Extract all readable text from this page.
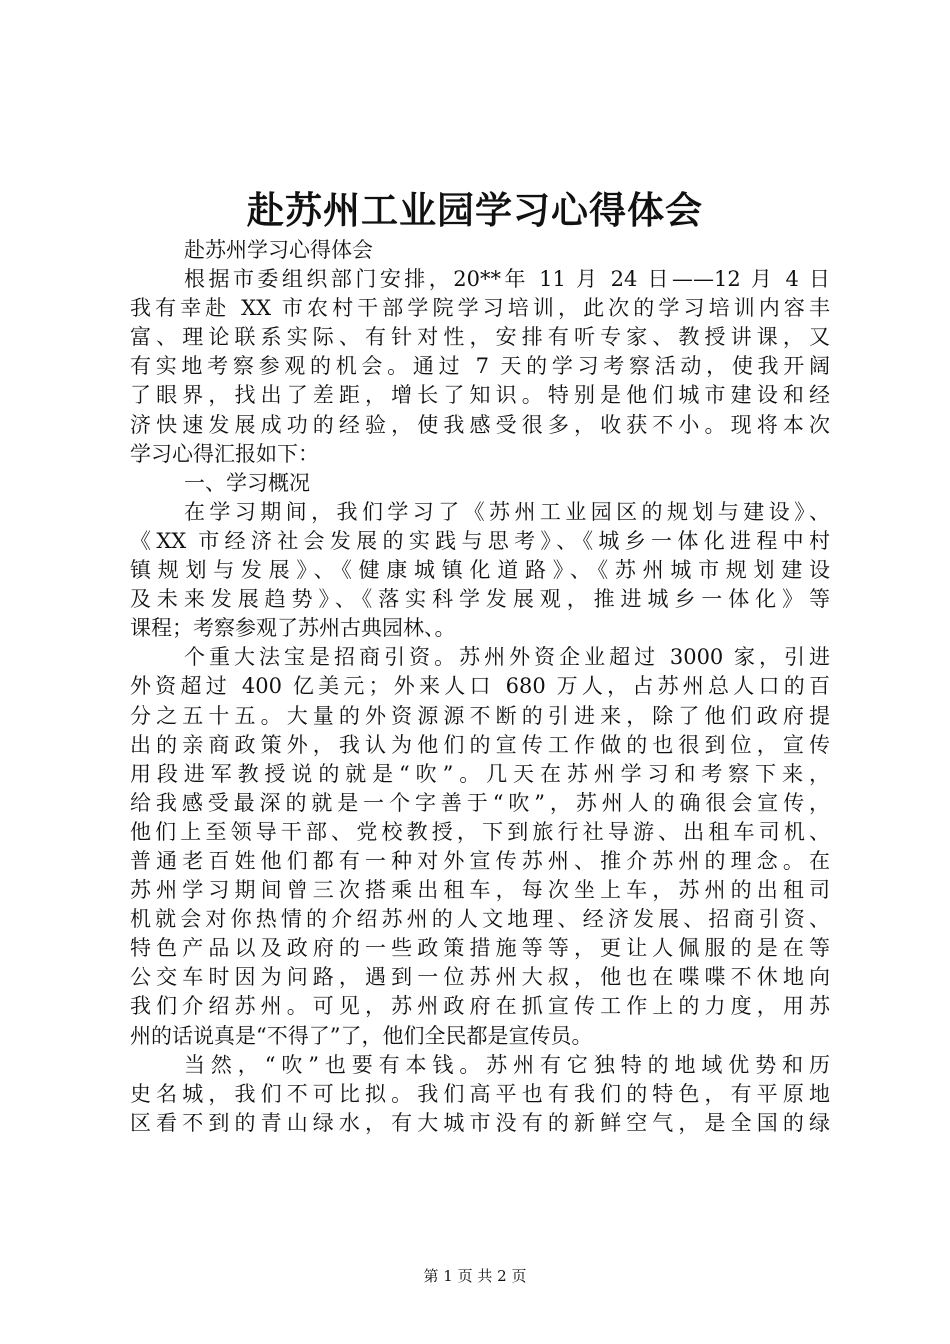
赴苏州工业园学习心得体会
赴苏州学习心得体会
根据市委组织部门安排，20**年 11 月 24 日——12 月 4 日
我有幸赴 XX 市农村干部学院学习培训，此次的学习培训内容丰
富、理论联系实际、有针对性，安排有听专家、教授讲课，又
有实地考察参观的机会。通过 7 天的学习考察活动，使我开阔
了眼界，找出了差距，增长了知识。特别是他们城市建设和经
济快速发展成功的经验，使我感受很多，收获不小。现将本次
学习心得汇报如下：
一、学习概况
在学习期间，我们学习了《苏州工业园区的规划与建设》、
《XX 市经济社会发展的实践与思考》、《城乡一体化进程中村
镇规划与发展》、《健康城镇化道路》、《苏州城市规划建设
及未来发展趋势》、《落实科学发展观，推进城乡一体化》等
课程；考察参观了苏州古典园林、。
个重大法宝是招商引资。苏州外资企业超过 3000 家，引进
外资超过 400 亿美元；外来人口 680 万人，占苏州总人口的百
分之五十五。大量的外资源源不断的引进来，除了他们政府提
出的亲商政策外，我认为他们的宣传工作做的也很到位，宣传
用段进军教授说的就是“吹”。几天在苏州学习和考察下来，
给我感受最深的就是一个字善于“吹”，苏州人的确很会宣传，
他们上至领导干部、党校教授，下到旅行社导游、出租车司机、
普通老百姓他们都有一种对外宣传苏州、推介苏州的理念。在
苏州学习期间曾三次搭乘出租车，每次坐上车，苏州的出租司
机就会对你热情的介绍苏州的人文地理、经济发展、招商引资、
特色产品以及政府的一些政策措施等等，更让人佩服的是在等
公交车时因为问路，遇到一位苏州大叔，他也在喋喋不休地向
我们介绍苏州。可见，苏州政府在抓宣传工作上的力度，用苏
州的话说真是“不得了”了，他们全民都是宣传员。
当然，“吹”也要有本钱。苏州有它独特的地域优势和历
史名城，我们不可比拟。我们高平也有我们的特色，有平原地
区看不到的青山绿水，有大城市没有的新鲜空气，是全国的绿
第 1 页 共 2 页
